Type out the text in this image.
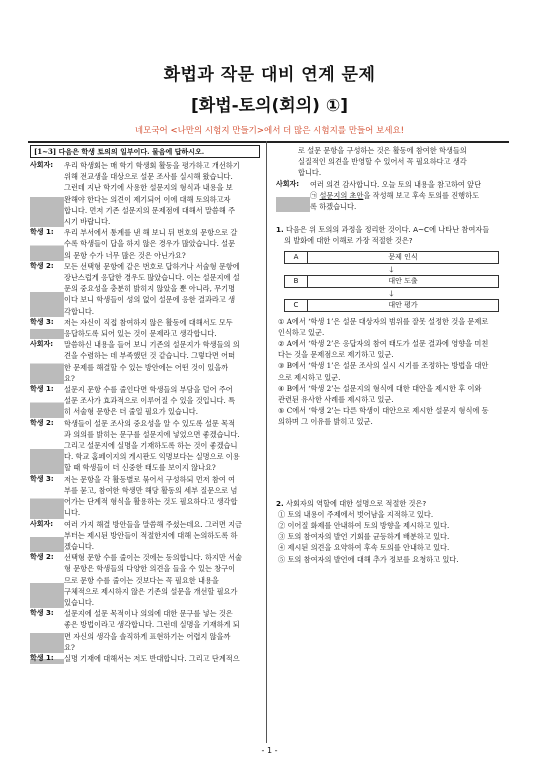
화법과 작문 대비 연계 문제
[화법-토의(회의) ①]
네모국어 <나만의 시험지 만들기>에서 더 많은 시험지를 만들어 보세요!
[1~3] 다음은 학생 토의의 일부이다. 물음에 답하시오.
사회자:	우리 학생회는 매 학기 학생회 활동을 평가하고 개선하기
위해 전교생을 대상으로 설문 조사를 실시해 왔습니다.
그런데 지난 학기에 사용한 설문지의 형식과 내용을 보
완해야 한다는 의견이 제기되어 이에 대해 토의하고자
합니다. 먼저 기존 설문지의 문제점에 대해서 말씀해 주
시기 바랍니다.
학생 1:	우리 부서에서 통계를 낸 해 보니 뒤 번호의 문항으로 갈
수록 학생들이 답을 하지 않은 경우가 많았습니다. 설문
의 문항 수가 너무 많은 것은 아닌가요?
학생 2:	모든 선택형 문항에 같은 번호로 답하거나 서술형 문항에
장난스럽게 응답한 경우도 많았습니다. 이는 설문지에 설
문의 중요성을 충분히 밝히지 않았을 뿐 아니라, 무기명
이다 보니 학생들이 성의 없이 설문에 응한 결과라고 생
각합니다.
학생 3:	저는 자신이 직접 참여하지 않은 활동에 대해서도 모두
응답하도록 되어 있는 것이 문제라고 생각합니다.
사회자:	말씀하신 내용을 들어 보니 기존의 설문지가 학생들의 의
견을 수렴하는 데 부족했던 것 같습니다. 그렇다면 어떠
한 문제를 해결할 수 있는 방안에는 어떤 것이 있을까
요?
학생 1:	설문지 문항 수를 줄인다면 학생들의 부담을 덜어 주어
설문 조사가 효과적으로 이루어질 수 있을 것입니다. 특
히 서술형 문항은 더 줄일 필요가 있습니다.
학생 2:	학생들이 설문 조사의 중요성을 알 수 있도록 설문 목적
과 의의를 밝히는 문구를 설문지에 넣었으면 좋겠습니다.
그리고 설문지에 실명을 기재하도록 하는 것이 좋겠습니
다. 학교 홈페이지의 게시판도 익명보다는 실명으로 이용
할 때 학생들이 더 신중한 태도를 보이지 않나요?
학생 3:	저는 문항을 각 활동별로 묶어서 구성하되 먼저 참여 여
부를 묻고, 참여한 학생만 해당 활동의 세부 질문으로 넘
어가는 단계적 형식을 활용하는 것도 필요하다고 생각합
니다.
사회자:	여러 가지 해결 방안들을 말씀해 주셨는데요. 그러면 지금
부터는 제시된 방안들이 적절한지에 대해 논의하도록 하
겠습니다.
학생 2:	선택형 문항 수를 줄이는 것에는 동의합니다. 하지만 서술
형 문항은 학생들의 다양한 의견을 들을 수 있는 창구이
므로 문항 수를 줄이는 것보다는 꼭 필요한 내용을
구체적으로 제시하지 않은 기존의 설문을 개선할 필요가
있습니다.
학생 3:	설문지에 설문 목적이나 의의에 대한 문구를 넣는 것은
좋은 방법이라고 생각합니다. 그런데 실명을 기재하게 되
면 자신의 생각을 솔직하게 표현하기는 어렵지 않을까
요?
학생 1:	실명 기재에 대해서는 저도 반대합니다. 그리고 단계적으
로 설문 문항을 구성하는 것은 활동에 참여한 학생들의
실질적인 의견을 반영할 수 있어서 꼭 필요하다고 생각
합니다.
사회자:	여러 의견 감사합니다. 오늘 토의 내용을 참고하여 앞단
㉠ 설문지의 초안을 작성해 보고 후속 토의를 진행하도
록 하겠습니다.
1. 다음은 위 토의의 과정을 정리한 것이다. A~C에 나타난 참여자들
의 발화에 대한 이해로 가장 적절한 것은?
A	문제 인식
🡓
B	대안 도출
🡓
C	대안 평가
① A에서 ‘학생 1’은 설문 대상자의 범위를 잘못 설정한 것을 문제로
인식하고 있군.
② A에서 ‘학생 2’은 응답자의 참여 태도가 설문 결과에 영향을 미친
다는 것을 문제점으로 제기하고 있군.
③ B에서 ‘학생 1’은 설문 조사의 실시 시기를 조정하는 방법을 대안
으로 제시하고 있군.
④ B에서 ‘학생 2’는 설문지의 형식에 대한 대안을 제시한 후 이와
관련된 유사한 사례를 제시하고 있군.
⑤ C에서 ‘학생 2’는 다른 학생이 대안으로 제시한 설문지 형식에 동
의하며 그 이유를 밝히고 있군.
2. 사회자의 역할에 대한 설명으로 적절한 것은?
① 토의 내용이 주제에서 벗어남을 지적하고 있다.
② 이어질 화제를 안내하여 토의 방향을 제시하고 있다.
③ 토의 참여자의 발언 기회를 균등하게 배분하고 있다.
④ 제시된 의견을 요약하여 후속 토의를 안내하고 있다.
⑤ 토의 참여자의 발언에 대해 추가 정보를 요청하고 있다.
- 1 -
